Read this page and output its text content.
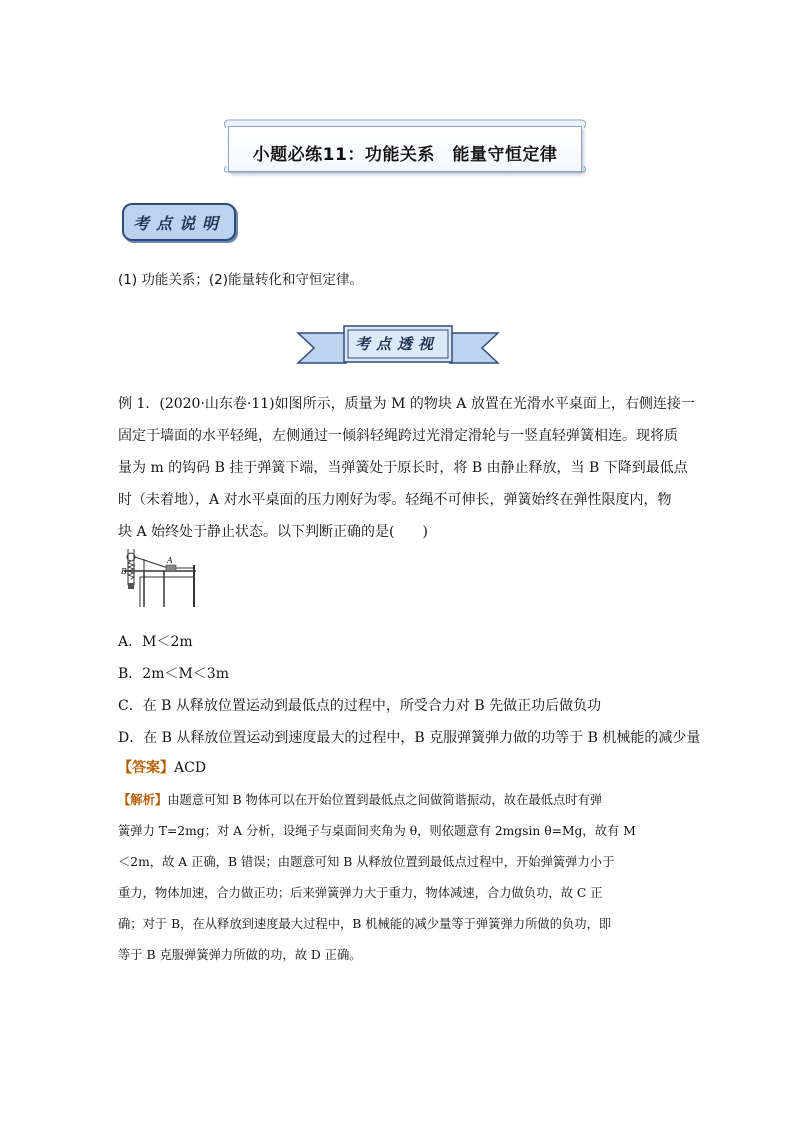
小题必练11：功能关系　能量守恒定律
考点说明
(1) 功能关系；(2)能量转化和守恒定律。
考点透视
例 1．(2020·山东卷·11)如图所示，质量为 M 的物块 A 放置在光滑水平桌面上，右侧连接一
固定于墙面的水平轻绳，左侧通过一倾斜轻绳跨过光滑定滑轮与一竖直轻弹簧相连。现将质
量为 m 的钩码 B 挂于弹簧下端，当弹簧处于原长时，将 B 由静止释放，当 B 下降到最低点
时（未着地），A 对水平桌面的压力刚好为零。轻绳不可伸长，弹簧始终在弹性限度内，物
块 A 始终处于静止状态。以下判断正确的是(　　)
B
A
A．M＜2m
B．2m＜M＜3m
C．在 B 从释放位置运动到最低点的过程中，所受合力对 B 先做正功后做负功
D．在 B 从释放位置运动到速度最大的过程中，B 克服弹簧弹力做的功等于 B 机械能的减少量
【答案】ACD
【解析】由题意可知 B 物体可以在开始位置到最低点之间做简谐振动，故在最低点时有弹
簧弹力 T=2mg；对 A 分析，设绳子与桌面间夹角为 θ，则依题意有 2mgsin θ=Mg，故有 M
＜2m，故 A 正确，B 错误；由题意可知 B 从释放位置到最低点过程中，开始弹簧弹力小于
重力，物体加速，合力做正功；后来弹簧弹力大于重力，物体减速，合力做负功，故 C 正
确；对于 B，在从释放到速度最大过程中，B 机械能的减少量等于弹簧弹力所做的负功，即
等于 B 克服弹簧弹力所做的功，故 D 正确。
